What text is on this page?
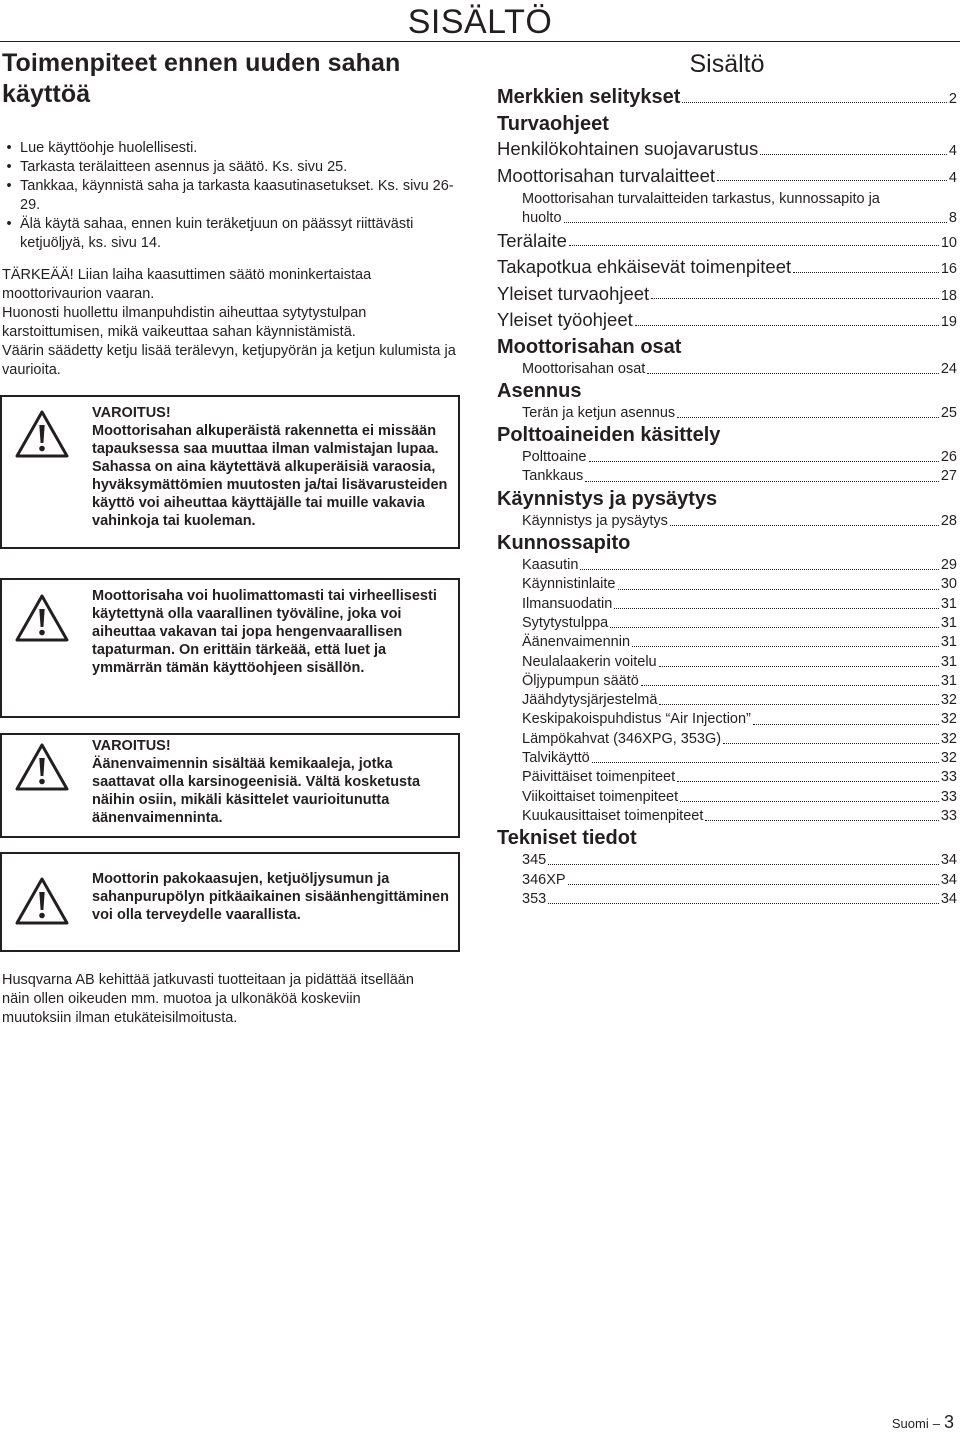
SISÄLTÖ
Toimenpiteet ennen uuden sahan
käyttöä
• Lue käyttöohje huolellisesti.
• Tarkasta terälaitteen asennus ja säätö. Ks. sivu 25.
• Tankkaa, käynnistä saha ja tarkasta kaasutinasetukset. Ks. sivu 26-29.
• Älä käytä sahaa, ennen kuin teräketjuun on päässyt riittävästi ketjuöljyä, ks. sivu 14.
TÄRKEÄÄ! Liian laiha kaasuttimen säätö moninkertaistaa moottorivaurion vaaran.
Huonosti huollettu ilmanpuhdistin aiheuttaa sytytystulpan karstoittumisen, mikä vaikeuttaa sahan käynnistämistä.
Väärin säädetty ketju lisää terälevyn, ketjupyörän ja ketjun kulumista ja vaurioita.
VAROITUS!
Moottorisahan alkuperäistä rakennetta ei missään tapauksessa saa muuttaa ilman valmistajan lupaa. Sahassa on aina käytettävä alkuperäisiä varaosia, hyväksymättömien muutosten ja/tai lisävarusteiden käyttö voi aiheuttaa käyttäjälle tai muille vakavia vahinkoja tai kuoleman.
Moottorisaha voi huolimattomasti tai virheellisesti käytettynä olla vaarallinen työväline, joka voi aiheuttaa vakavan tai jopa hengenvaarallisen tapaturman. On erittäin tärkeää, että luet ja ymmärrän tämän käyttöohjeen sisällön.
VAROITUS!
Äänenvaimennin sisältää kemikaaleja, jotka saattavat olla karsinogeenisiä. Vältä kosketusta näihin osiin, mikäli käsittelet vaurioitunutta äänenvaimenninta.
Moottorin pakokaasujen, ketjuöljysumun ja sahanpurupölyn pitkäaikainen sisäänhengittäminen voi olla terveydelle vaarallista.
Husqvarna AB kehittää jatkuvasti tuotteitaan ja pidättää itsellään näin ollen oikeuden mm. muotoa ja ulkonäköä koskeviin muutoksiin ilman etukäteisilmoitusta.
Sisältö
Merkkien selitykset	2
Turvaohjeet
Henkilökohtainen suojavarustus	4
Moottorisahan turvalaitteet	4
Moottorisahan turvalaitteiden tarkastus, kunnossapito ja
huolto	8
Terälaite	10
Takapotkua ehkäisevät toimenpiteet	16
Yleiset turvaohjeet	18
Yleiset työohjeet	19
Moottorisahan osat
Moottorisahan osat	24
Asennus
Terän ja ketjun asennus	25
Polttoaineiden käsittely
Polttoaine	26
Tankkaus	27
Käynnistys ja pysäytys
Käynnistys ja pysäytys	28
Kunnossapito
Kaasutin	29
Käynnistinlaite	30
Ilmansuodatin	31
Sytytystulppa	31
Äänenvaimennin	31
Neulalaakerin voitelu	31
Öljypumpun säätö	31
Jäähdytysjärjestelmä	32
Keskipakoispuhdistus “Air Injection”	32
Lämpökahvat (346XPG, 353G)	32
Talvikäyttö	32
Päivittäiset toimenpiteet	33
Viikoittaiset toimenpiteet	33
Kuukausittaiset toimenpiteet	33
Tekniset tiedot
345	34
346XP	34
353	34
Suomi – 3
